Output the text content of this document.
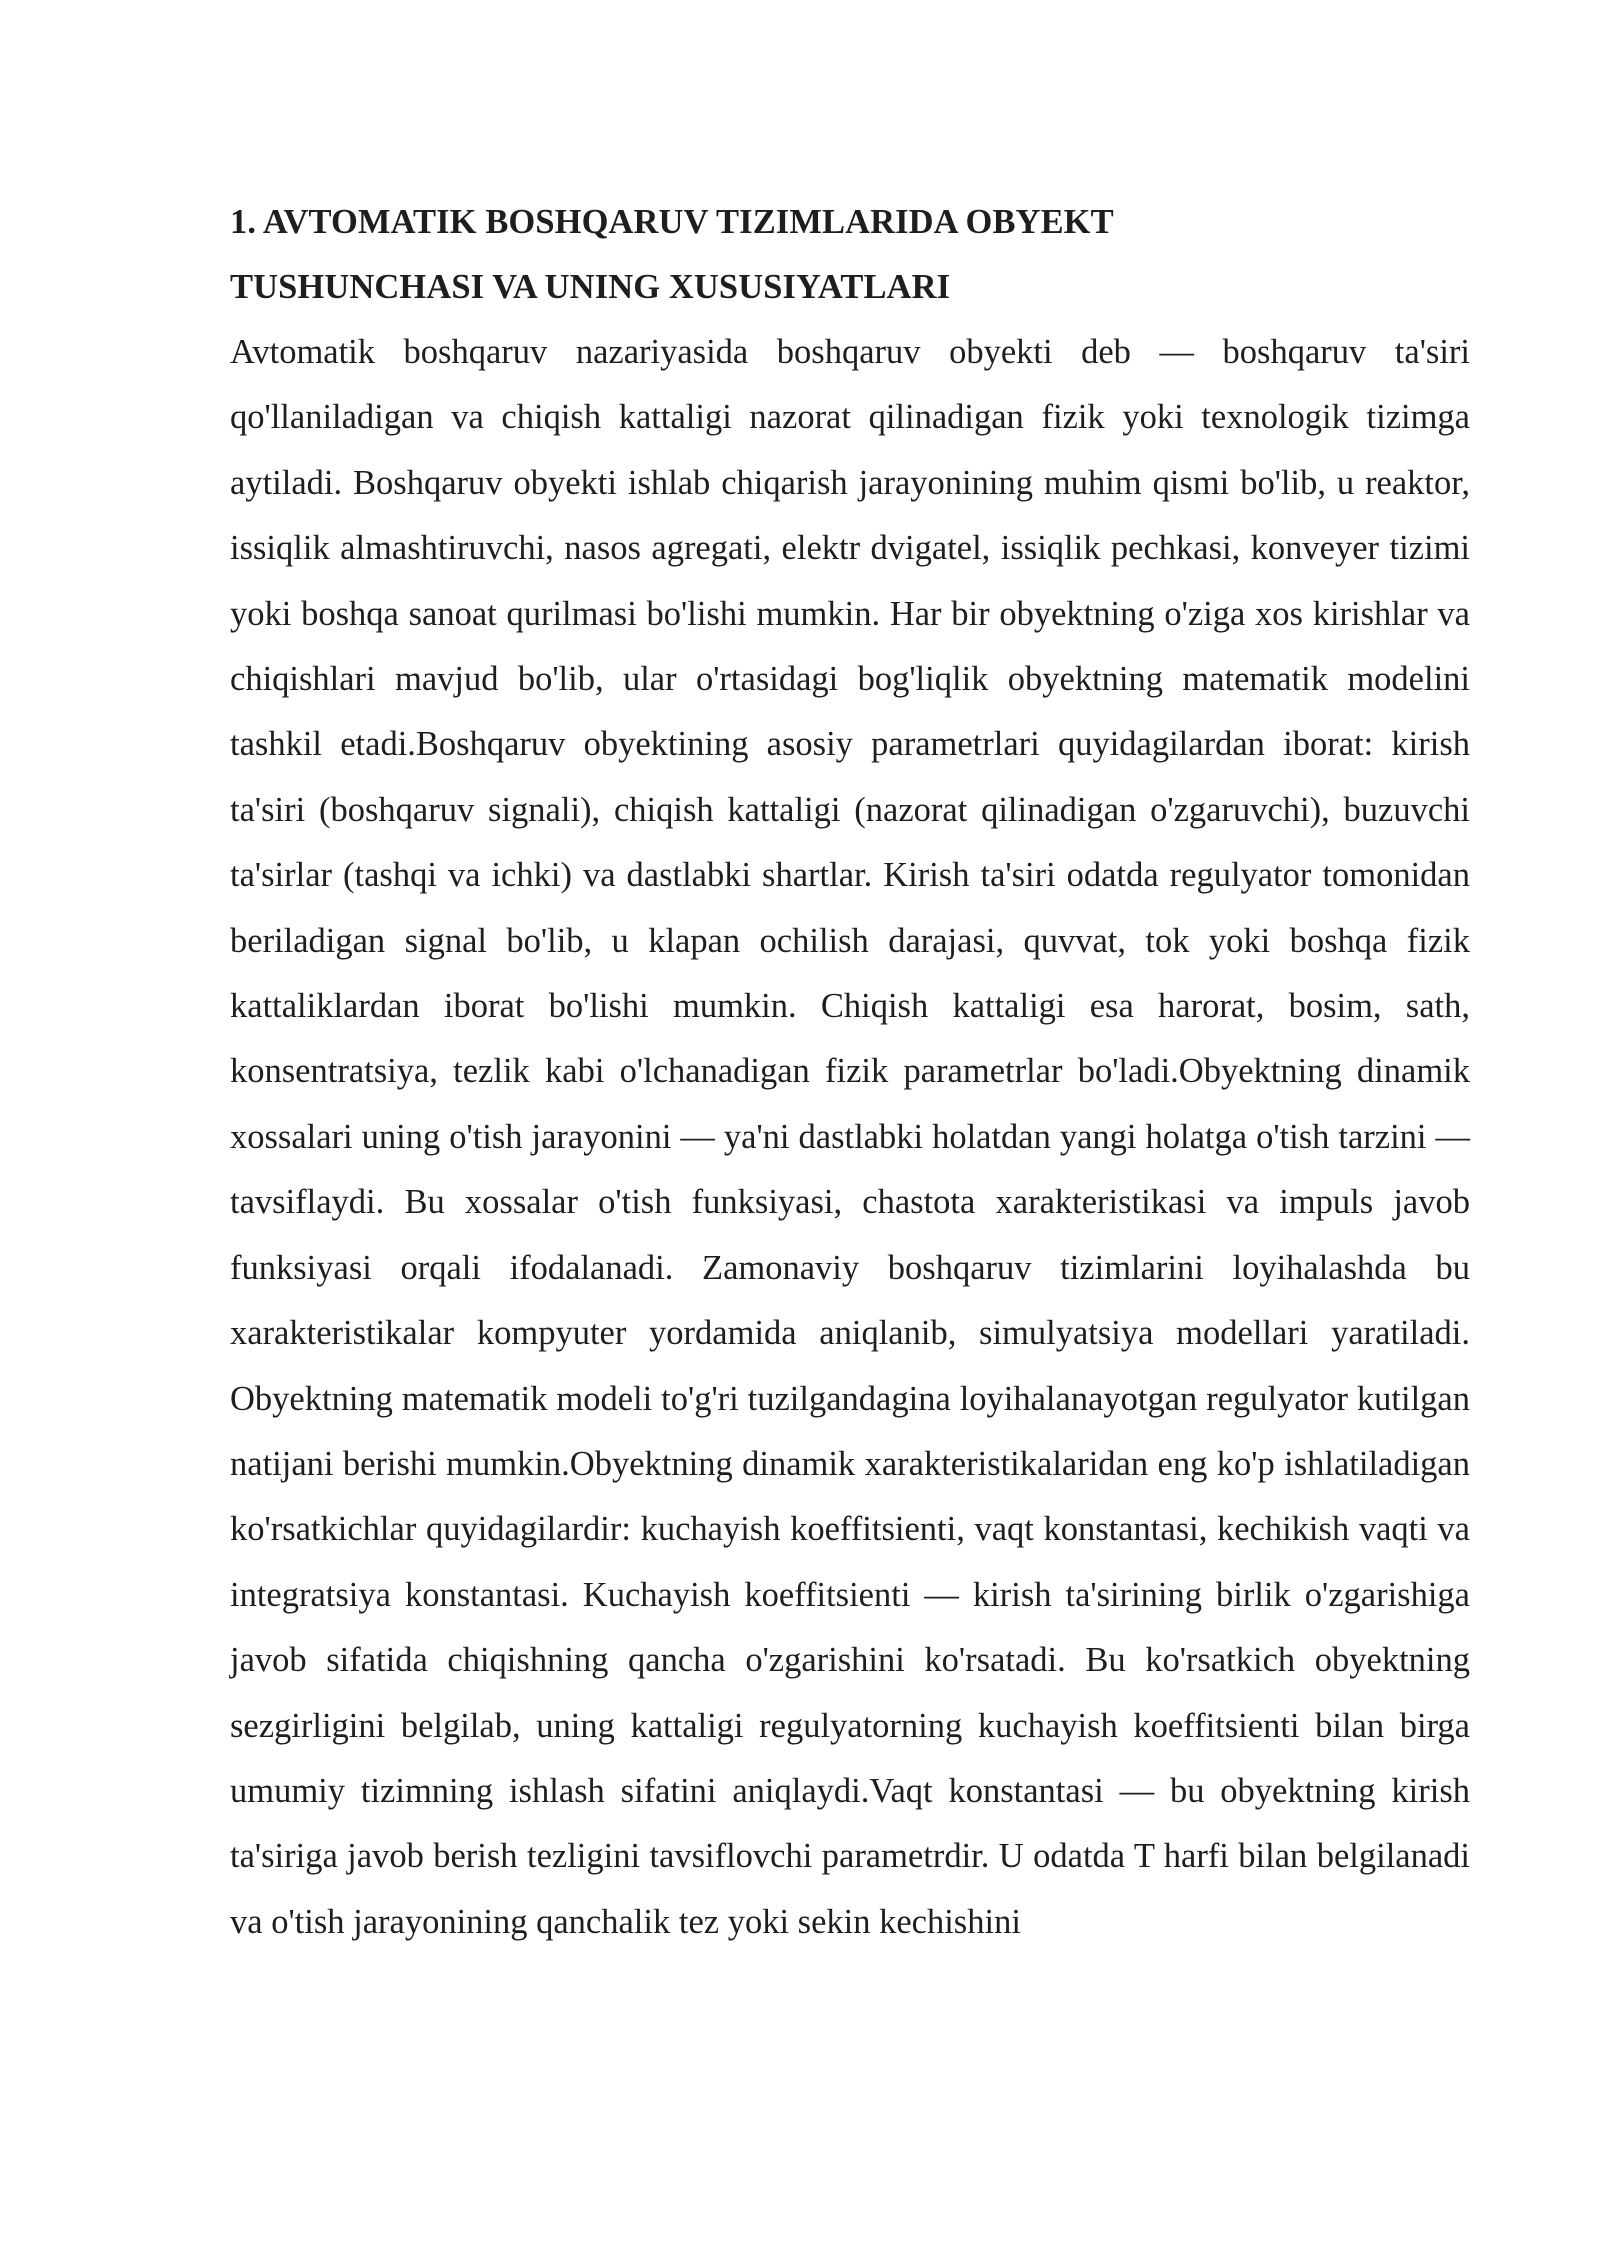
1. AVTOMATIK BOSHQARUV TIZIMLARIDA OBYEKT
TUSHUNCHASI VA UNING XUSUSIYATLARI

Avtomatik boshqaruv nazariyasida boshqaruv obyekti deb — boshqaruv ta'siri qo'llaniladigan va chiqish kattaligi nazorat qilinadigan fizik yoki texnologik tizimga aytiladi. Boshqaruv obyekti ishlab chiqarish jarayonining muhim qismi bo'lib, u reaktor, issiqlik almashtiruvchi, nasos agregati, elektr dvigatel, issiqlik pechkasi, konveyer tizimi yoki boshqa sanoat qurilmasi bo'lishi mumkin. Har bir obyektning o'ziga xos kirishlar va chiqishlari mavjud bo'lib, ular o'rtasidagi bog'liqlik obyektning matematik modelini tashkil etadi.Boshqaruv obyektining asosiy parametrlari quyidagilardan iborat: kirish ta'siri (boshqaruv signali), chiqish kattaligi (nazorat qilinadigan o'zgaruvchi), buzuvchi ta'sirlar (tashqi va ichki) va dastlabki shartlar. Kirish ta'siri odatda regulyator tomonidan beriladigan signal bo'lib, u klapan ochilish darajasi, quvvat, tok yoki boshqa fizik kattaliklardan iborat bo'lishi mumkin. Chiqish kattaligi esa harorat, bosim, sath, konsentratsiya, tezlik kabi o'lchanadigan fizik parametrlar bo'ladi.Obyektning dinamik xossalari uning o'tish jarayonini — ya'ni dastlabki holatdan yangi holatga o'tish tarzini — tavsiflaydi. Bu xossalar o'tish funksiyasi, chastota xarakteristikasi va impuls javob funksiyasi orqali ifodalanadi. Zamonaviy boshqaruv tizimlarini loyihalashda bu xarakteristikalar kompyuter yordamida aniqlanib, simulyatsiya modellari yaratiladi. Obyektning matematik modeli to'g'ri tuzilgandagina loyihalanayotgan regulyator kutilgan natijani berishi mumkin.Obyektning dinamik xarakteristikalaridan eng ko'p ishlatiladigan ko'rsatkichlar quyidagilardir: kuchayish koeffitsienti, vaqt konstantasi, kechikish vaqti va integratsiya konstantasi. Kuchayish koeffitsienti — kirish ta'sirining birlik o'zgarishiga javob sifatida chiqishning qancha o'zgarishini ko'rsatadi. Bu ko'rsatkich obyektning sezgirligini belgilab, uning kattaligi regulyatorning kuchayish koeffitsienti bilan birga umumiy tizimning ishlash sifatini aniqlaydi.Vaqt konstantasi — bu obyektning kirish ta'siriga javob berish tezligini tavsiflovchi parametrdir. U odatda T harfi bilan belgilanadi va o'tish jarayonining qanchalik tez yoki sekin kechishini
